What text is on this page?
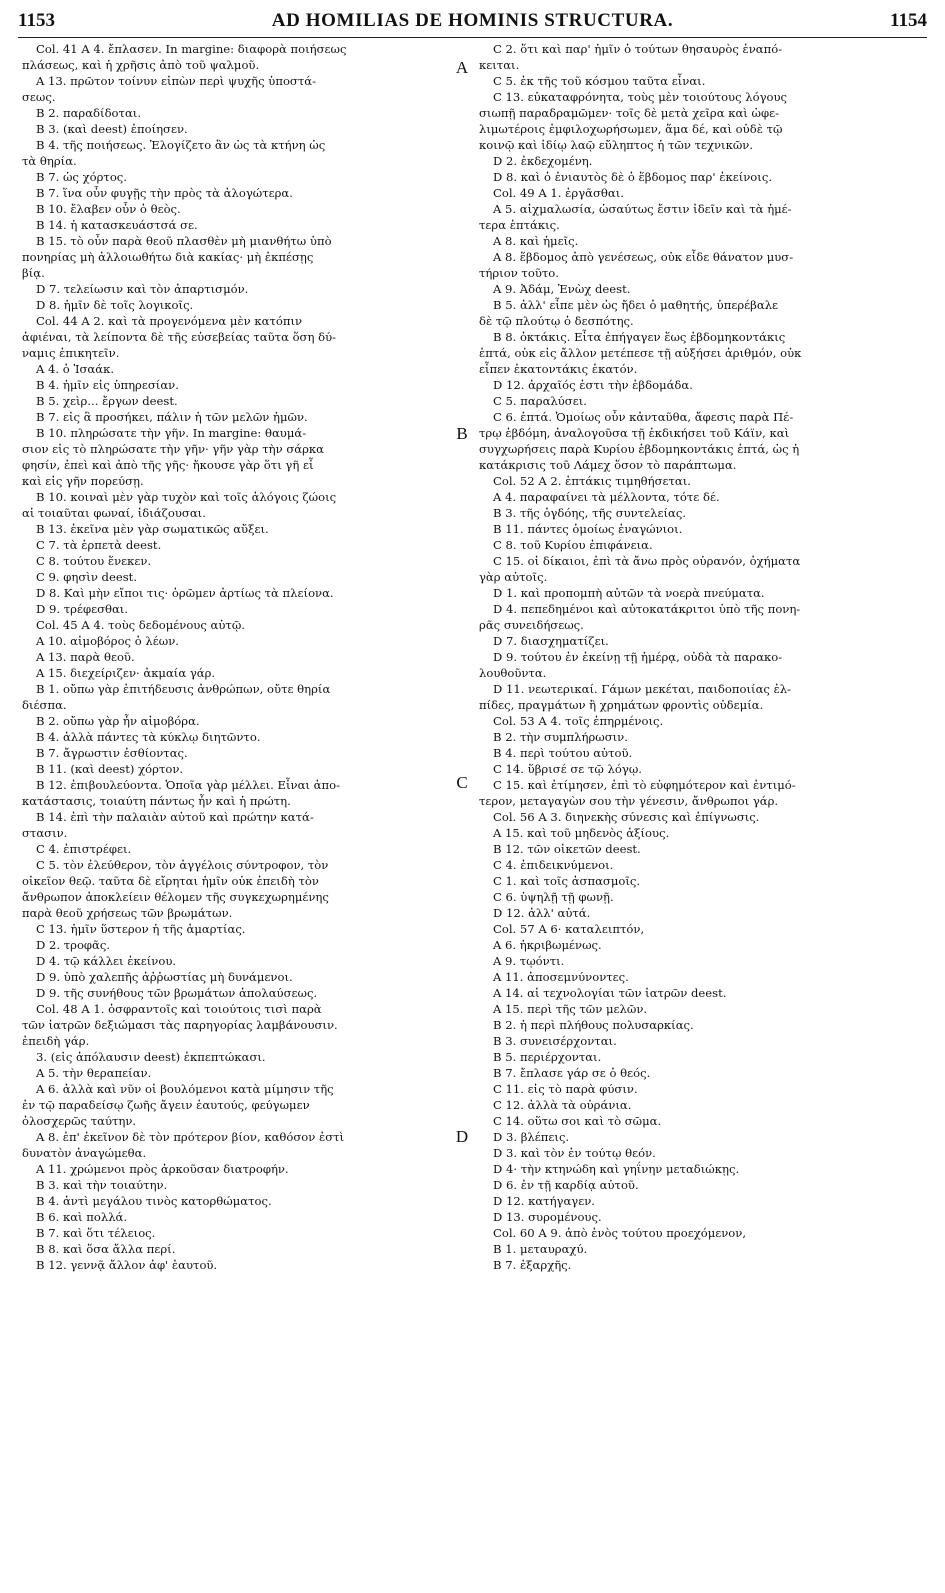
1153	AD HOMILIAS DE HOMINIS STRUCTURA.	1154
A
B
C
D
Col. 41 A 4. ἔπλασεν. In margine: διαφορὰ ποιήσεως
πλάσεως, καὶ ἡ χρῆσις ἀπὸ τοῦ ψαλμοῦ.
A 13. πρῶτον τοίνυν εἰπὼν περὶ ψυχῆς ὑποστά-
σεως.
B 2. παραδίδοται.
B 3. (καὶ deest) ἐποίησεν.
B 4. τῆς ποιήσεως. Ἐλογίζετο ἂν ὡς τὰ κτήνη ὡς
τὰ θηρία.
B 7. ὡς χόρτος.
B 7. ἵνα οὖν φυγῇς τὴν πρὸς τὰ ἀλογώτερα.
B 10. ἔλαβεν οὖν ὁ θεὸς.
B 14. ἡ κατασκευάστσά σε.
B 15. τὸ οὖν παρὰ θεοῦ πλασθὲν μὴ μιανθήτω ὑπὸ
πονηρίας μὴ ἀλλοιωθήτω διὰ κακίας· μὴ ἐκπέσῃς
βίᾳ.
D 7. τελείωσιν καὶ τὸν ἀπαρτισμόν.
D 8. ἡμῖν δὲ τοῖς λογικοῖς.
Col. 44 A 2. καὶ τὰ προγενόμενα μὲν κατόπιν
ἀφιέναι, τὰ λείποντα δὲ τῆς εὐσεβείας ταῦτα ὅση δύ-
ναμις ἐπικητεῖν.
A 4. ὁ Ἰσαάκ.
B 4. ἡμῖν εἰς ὑπηρεσίαν.
B 5. χεὶρ... ἔργων deest.
B 7. εἰς ἃ προσήκει, πάλιν ἡ τῶν μελῶν ἡμῶν.
B 10. πληρώσατε τὴν γῆν. In margine: θαυμά-
σιον εἰς τὸ πληρώσατε τὴν γῆν· γῆν γὰρ τὴν σάρκα
φησίν, ἐπεὶ καὶ ἀπὸ τῆς γῆς· ἤκουσε γὰρ ὅτι γῆ εἶ
καὶ εἰς γῆν πορεύσῃ.
B 10. κοιναὶ μὲν γὰρ τυχὸν καὶ τοῖς ἀλόγοις ζώοις
αἱ τοιαῦται φωναί, ἰδιάζουσαι.
B 13. ἐκεῖνα μὲν γὰρ σωματικῶς αὔξει.
C 7. τὰ ἑρπετὰ deest.
C 8. τούτου ἕνεκεν.
C 9. φησὶν deest.
D 8. Καὶ μὴν εἴποι τις· ὁρῶμεν ἀρτίως τὰ πλείονα.
D 9. τρέφεσθαι.
Col. 45 A 4. τοὺς δεδομένους αὐτῷ.
A 10. αἱμοβόρος ὁ λέων.
A 13. παρὰ θεοῦ.
A 15. διεχείριζεν· ἀκμαία γάρ.
B 1. οὔπω γὰρ ἐπιτήδευσις ἀνθρώπων, οὔτε θηρία
διέσπα.
B 2. οὔπω γὰρ ἦν αἱμοβόρα.
B 4. ἀλλὰ πάντες τὰ κύκλῳ διητῶντο.
B 7. ἄγρωστιν ἐσθίοντας.
B 11. (καὶ deest) χόρτον.
B 12. ἐπιβουλεύοντα. Ὁποῖα γὰρ μέλλει. Εἶναι ἀπο-
κατάστασις, τοιαύτη πάντως ἦν καὶ ἡ πρώτη.
B 14. ἐπὶ τὴν παλαιὰν αὐτοῦ καὶ πρώτην κατά-
στασιν.
C 4. ἐπιστρέφει.
C 5. τὸν ἐλεύθερον, τὸν ἀγγέλοις σύντροφον, τὸν
οἰκεῖον θεῷ. ταῦτα δὲ εἴρηται ἡμῖν οὐκ ἐπειδὴ τὸν
ἄνθρωπον ἀποκλείειν θέλομεν τῆς συγκεχωρημένης
παρὰ θεοῦ χρήσεως τῶν βρωμάτων.
C 13. ἡμῖν ὕστερον ἡ τῆς ἁμαρτίας.
D 2. τροφᾶς.
D 4. τῷ κάλλει ἐκείνου.
D 9. ὑπὸ χαλεπῆς ἀῤῥωστίας μὴ δυνάμενοι.
D 9. τῆς συνήθους τῶν βρωμάτων ἀπολαύσεως.
Col. 48 A 1. ὀσφραντοῖς καὶ τοιούτοις τισὶ παρὰ
τῶν ἰατρῶν δεξιώμασι τὰς παρηγορίας λαμβάνουσιν.
ἐπειδὴ γάρ.
3. (εἰς ἀπόλαυσιν deest) ἐκπεπτώκασι.
A 5. τὴν θεραπείαν.
A 6. ἀλλὰ καὶ νῦν οἱ βουλόμενοι κατὰ μίμησιν τῆς
ἐν τῷ παραδείσῳ ζωῆς ἄγειν ἑαυτούς, φεύγωμεν
ὁλοσχερῶς ταύτην.
A 8. ἐπ' ἐκεῖνον δὲ τὸν πρότερον βίον, καθόσον ἐστὶ
δυνατὸν ἀναγώμεθα.
A 11. χρώμενοι πρὸς ἀρκοῦσαν διατροφήν.
B 3. καὶ τὴν τοιαύτην.
B 4. ἀντὶ μεγάλου τινὸς κατορθώματος.
B 6. καὶ πολλά.
B 7. καὶ ὅτι τέλειος.
B 8. καὶ ὅσα ἄλλα περί.
B 12. γεννᾷ ἄλλον ἀφ' ἑαυτοῦ.
C 2. ὅτι καὶ παρ' ἡμῖν ὁ τούτων θησαυρὸς ἐναπό-
κειται.
C 5. ἐκ τῆς τοῦ κόσμου ταῦτα εἶναι.
C 13. εὐκαταφρόνητα, τοὺς μὲν τοιούτους λόγους
σιωπῇ παραδραμῶμεν· τοῖς δὲ μετὰ χεῖρα καὶ ὠφε-
λιμωτέροις ἐμφιλοχωρήσωμεν, ἅμα δέ, καὶ οὐδὲ τῷ
κοινῷ καὶ ἰδίῳ λαῷ εὔληπτος ἡ τῶν τεχνικῶν.
D 2. ἐκδεχομένη.
D 8. καὶ ὁ ἐνιαυτὸς δὲ ὁ ἕβδομος παρ' ἐκείνοις.
Col. 49 A 1. ἐργᾶσθαι.
A 5. αἰχμαλωσία, ὡσαύτως ἔστιν ἰδεῖν καὶ τὰ ἡμέ-
τερα ἑπτάκις.
A 8. καὶ ἡμεῖς.
A 8. ἕβδομος ἀπὸ γενέσεως, οὐκ εἶδε θάνατον μυσ-
τήριον τοῦτο.
A 9. Ἀδάμ, Ἐνὼχ deest.
B 5. ἀλλ' εἶπε μὲν ὡς ἤδει ὁ μαθητής, ὑπερέβαλε
δὲ τῷ πλούτῳ ὁ δεσπότης.
B 8. ὀκτάκις. Εἶτα ἐπήγαγεν ἕως ἑβδομηκοντάκις
ἑπτά, οὐκ εἰς ἄλλον μετέπεσε τῇ αὐξήσει ἀριθμόν, οὐκ
εἶπεν ἑκατοντάκις ἑκατόν.
D 12. ἀρχαῖός ἐστι τὴν ἑβδομάδα.
C 5. παραλύσει.
C 6. ἑπτά. Ὁμοίως οὖν κἀνταῦθα, ἄφεσις παρὰ Πέ-
τρῳ ἑβδόμη, ἀναλογοῦσα τῇ ἐκδικήσει τοῦ Κάϊν, καὶ
συγχωρήσεις παρὰ Κυρίου ἑβδομηκοντάκις ἑπτά, ὡς ἡ
κατάκρισις τοῦ Λάμεχ ὅσον τὸ παράπτωμα.
Col. 52 A 2. ἑπτάκις τιμηθήσεται.
A 4. παραφαίνει τὰ μέλλοντα, τότε δέ.
B 3. τῆς ὀγδόης, τῆς συντελείας.
B 11. πάντες ὁμοίως ἐναγώνιοι.
C 8. τοῦ Κυρίου ἐπιφάνεια.
C 15. οἱ δίκαιοι, ἐπὶ τὰ ἄνω πρὸς οὐρανόν, ὀχήματα
γὰρ αὐτοῖς.
D 1. καὶ προπομπὴ αὐτῶν τὰ νοερὰ πνεύματα.
D 4. πεπεδημένοι καὶ αὐτοκατάκριτοι ὑπὸ τῆς πονη-
ρᾶς συνειδήσεως.
D 7. διασχηματίζει.
D 9. τούτου ἐν ἐκείνῃ τῇ ἡμέρᾳ, οὐδὰ τὰ παρακο-
λουθοῦντα.
D 11. νεωτερικαί. Γάμων μεκέται, παιδοποιίας ἐλ-
πίδες, πραγμάτων ἢ χρημάτων φροντὶς οὐδεμία.
Col. 53 A 4. τοῖς ἐπηρμένοις.
B 2. τὴν συμπλήρωσιν.
B 4. περὶ τούτου αὐτοῦ.
C 14. ὕβρισέ σε τῷ λόγῳ.
C 15. καὶ ἐτίμησεν, ἐπὶ τὸ εὐφημότερον καὶ ἐντιμό-
τερον, μεταγαγὼν σου τὴν γένεσιν, ἄνθρωποι γάρ.
Col. 56 A 3. διηνεκὴς σύνεσις καὶ ἐπίγνωσις.
A 15. καὶ τοῦ μηδενὸς ἀξίους.
B 12. τῶν οἰκετῶν deest.
C 4. ἐπιδεικνύμενοι.
C 1. καὶ τοῖς ἀσπασμοῖς.
C 6. ὑψηλῇ τῇ φωνῇ.
D 12. ἀλλ' αὐτά.
Col. 57 A 6· καταλειπτόν,
A 6. ἠκριβωμένως.
A 9. τῳόντι.
A 11. ἀποσεμνύνοντες.
A 14. αἱ τεχνολογίαι τῶν ἰατρῶν deest.
A 15. περὶ τῆς τῶν μελῶν.
B 2. ἡ περὶ πλήθους πολυσαρκίας.
B 3. συνεισέρχονται.
B 5. περιέρχονται.
B 7. ἔπλασε γάρ σε ὁ θεός.
C 11. εἰς τὸ παρὰ φύσιν.
C 12. ἀλλὰ τὰ οὐράνια.
C 14. οὕτω σοι καὶ τὸ σῶμα.
D 3. βλέπεις.
D 3. καὶ τὸν ἐν τούτῳ θεόν.
D 4· τὴν κτηνώδη καὶ γηΐνην μεταδιώκῃς.
D 6. ἐν τῇ καρδίᾳ αὐτοῦ.
D 12. κατήγαγεν.
D 13. συρομένους.
Col. 60 A 9. ἀπὸ ἑνὸς τούτου προεχόμενον,
B 1. μεταυραχύ.
B 7. ἐξαρχῆς.
